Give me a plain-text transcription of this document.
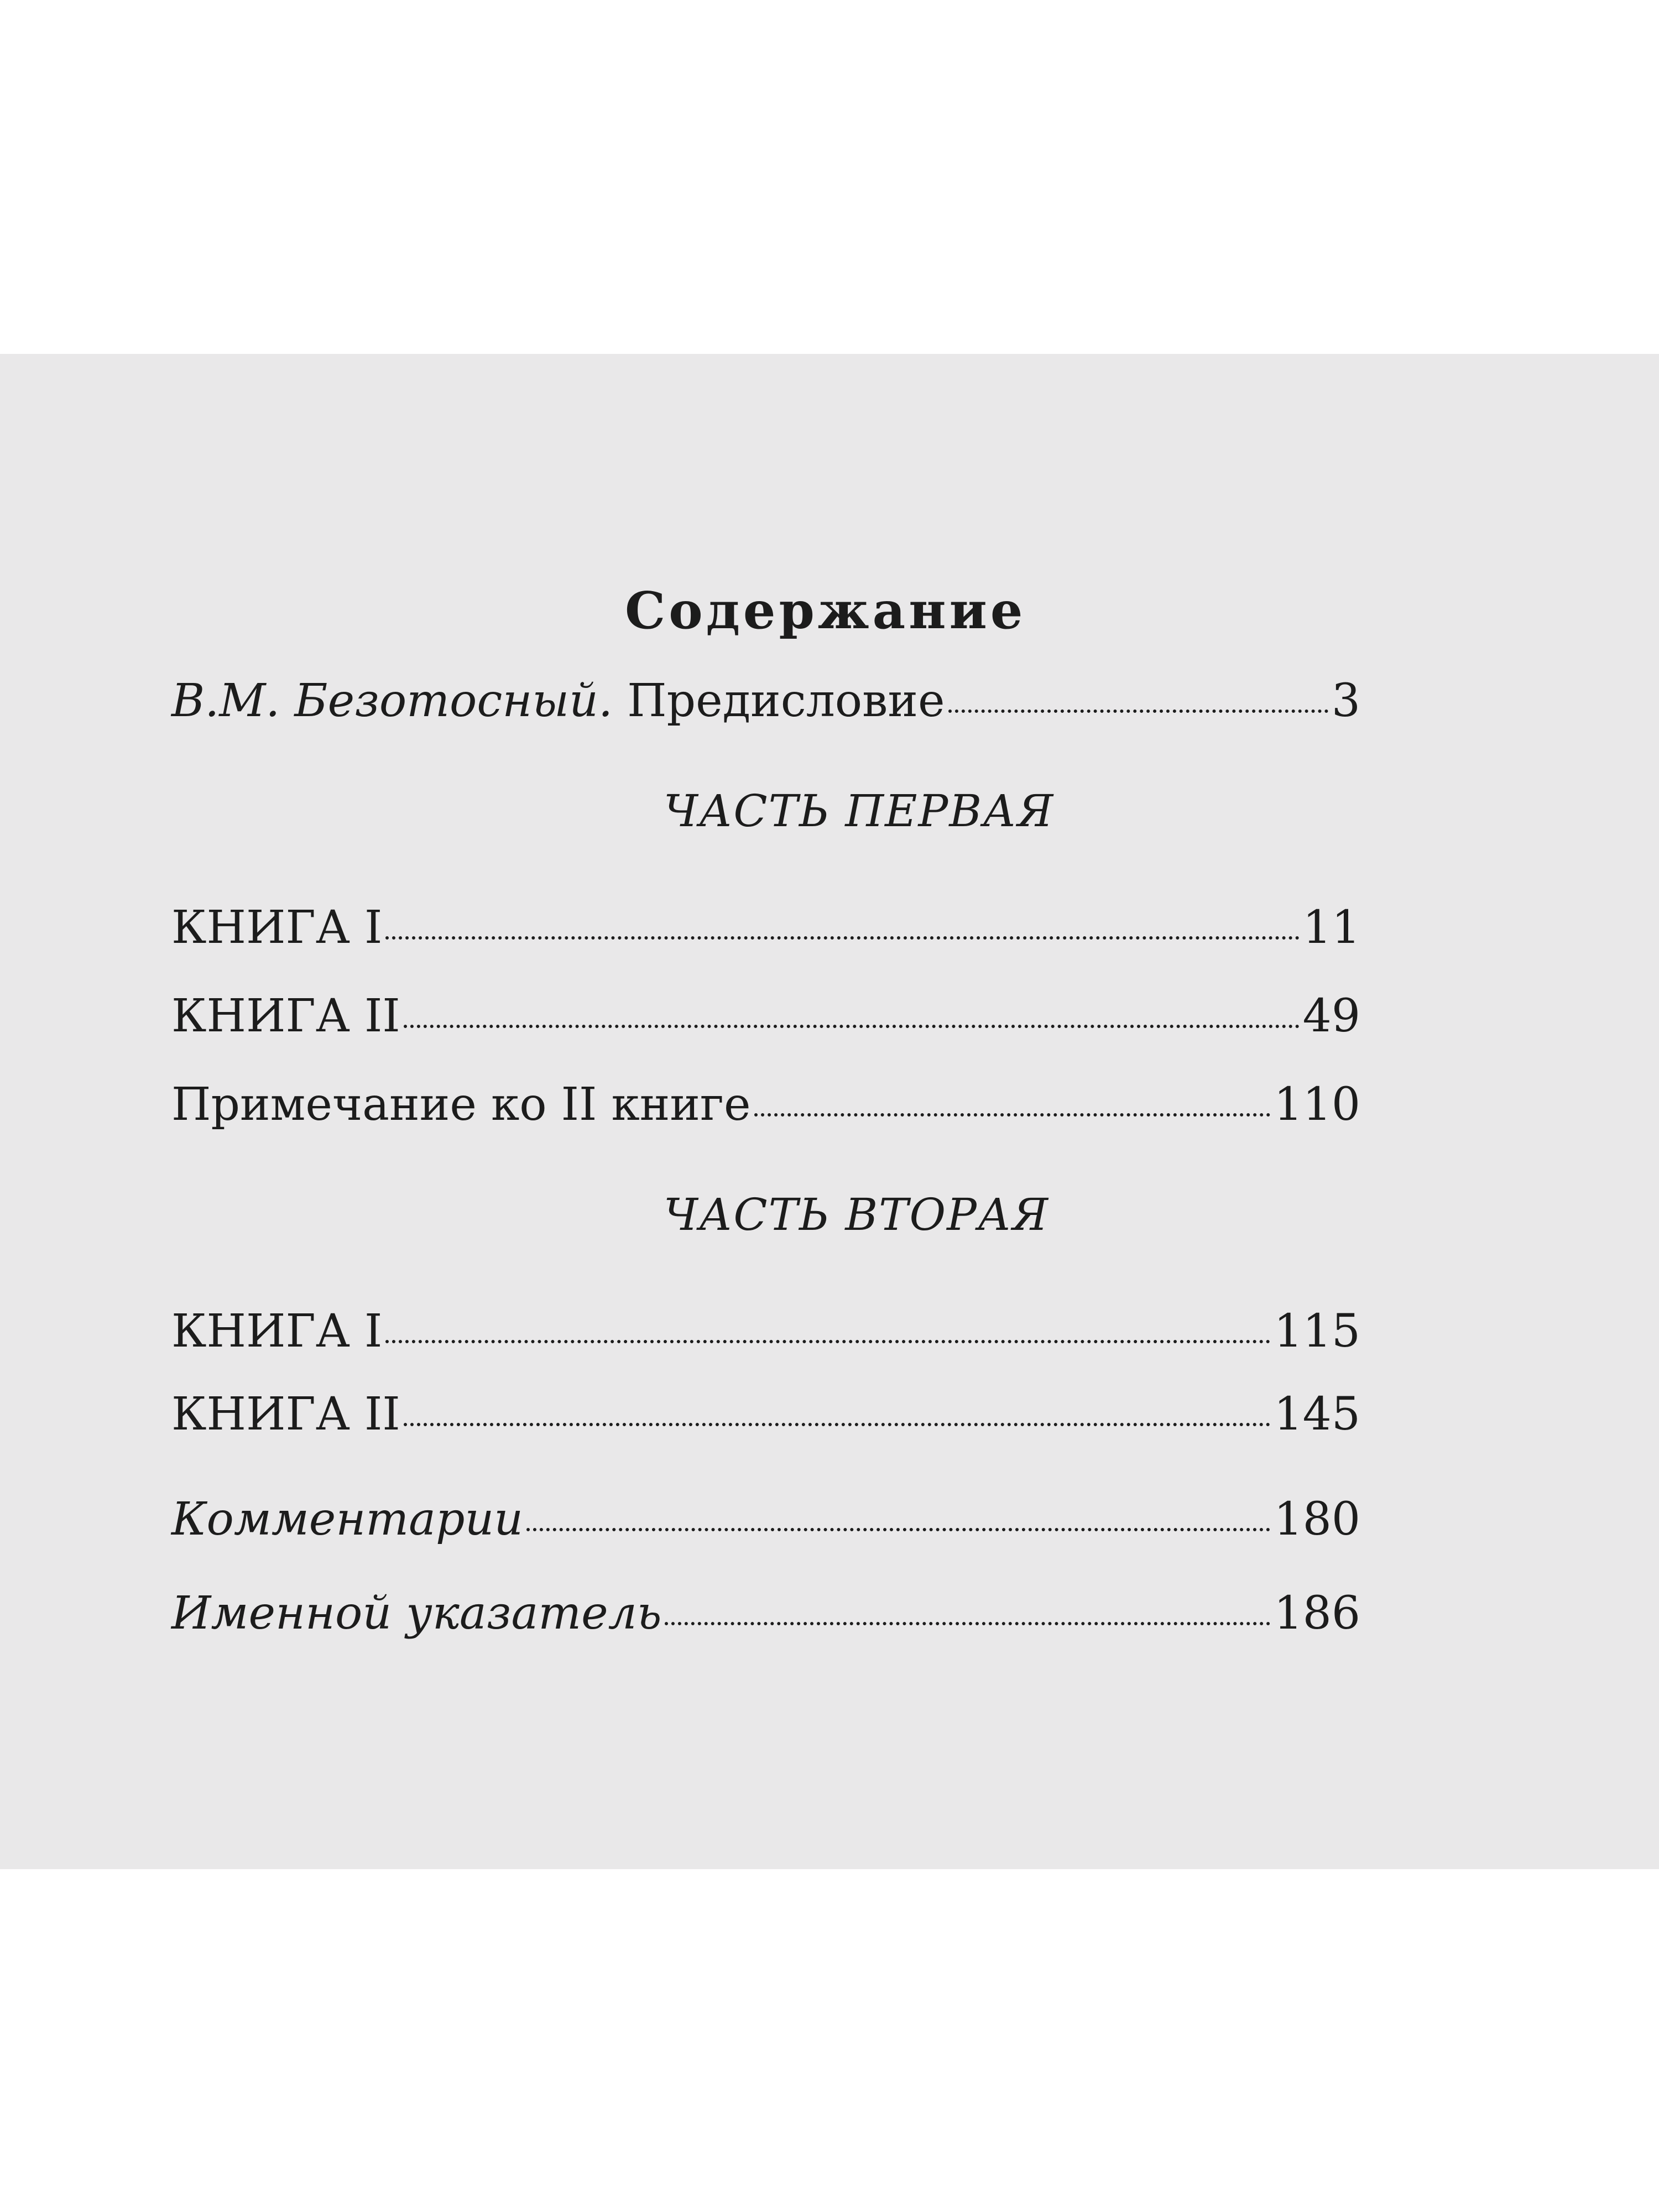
Содержание
В.М. Безотосный. Предисловие	3
ЧАСТЬ ПЕРВАЯ
КНИГА I	11
КНИГА II	49
Примечание ко II книге	110
ЧАСТЬ ВТОРАЯ
КНИГА I	115
КНИГА II	145
Комментарии	180
Именной указатель	186
